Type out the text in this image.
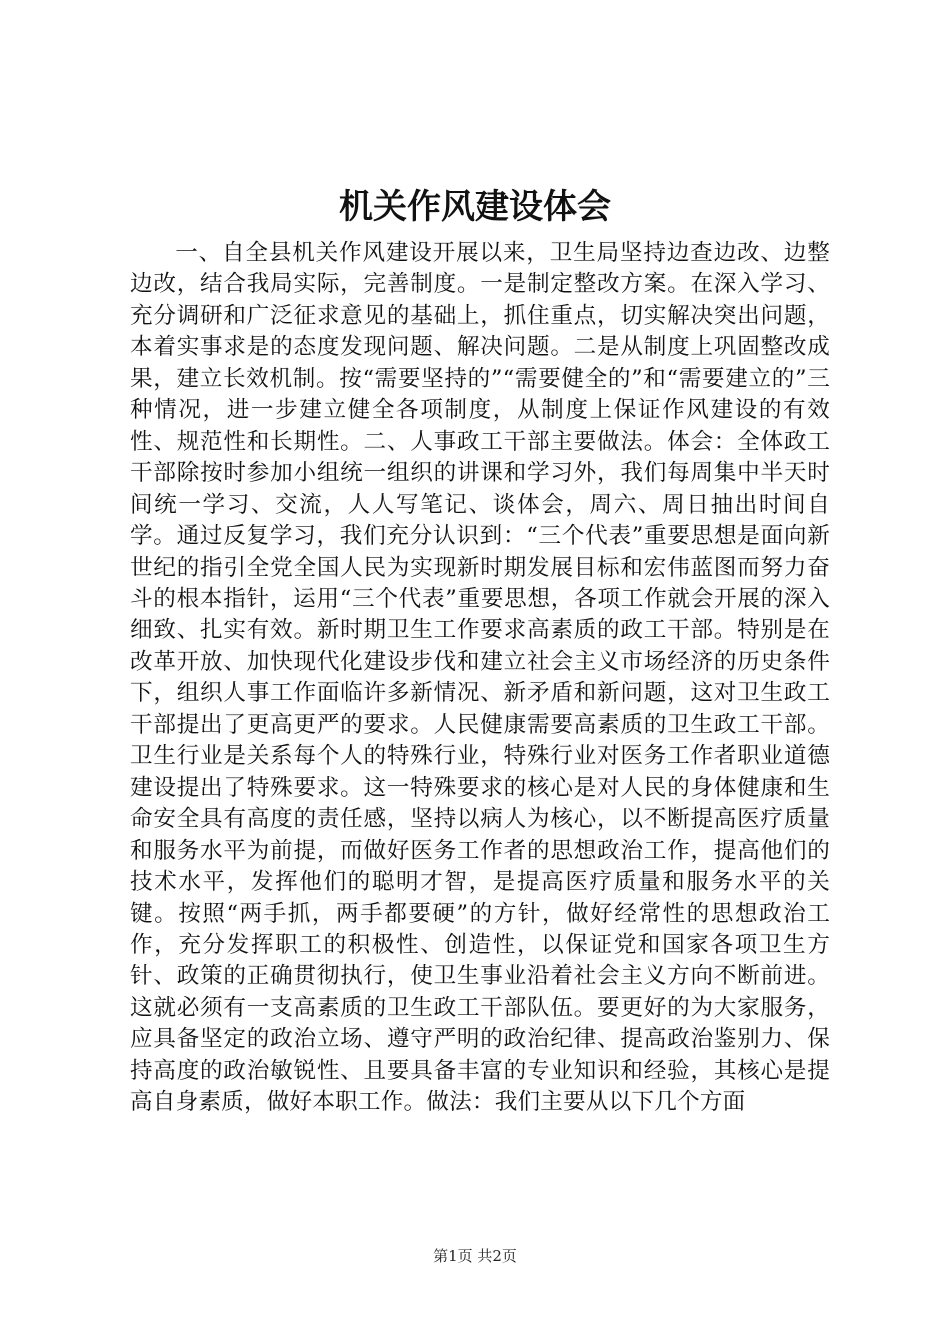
机关作风建设体会

一、自全县机关作风建设开展以来，卫生局坚持边查边改、边整边改，结合我局实际，完善制度。一是制定整改方案。在深入学习、充分调研和广泛征求意见的基础上，抓住重点，切实解决突出问题，本着实事求是的态度发现问题、解决问题。二是从制度上巩固整改成果，建立长效机制。按“需要坚持的”“需要健全的”和“需要建立的”三种情况，进一步建立健全各项制度，从制度上保证作风建设的有效性、规范性和长期性。二、人事政工干部主要做法。体会：全体政工干部除按时参加小组统一组织的讲课和学习外，我们每周集中半天时间统一学习、交流，人人写笔记、谈体会，周六、周日抽出时间自学。通过反复学习，我们充分认识到：“三个代表”重要思想是面向新世纪的指引全党全国人民为实现新时期发展目标和宏伟蓝图而努力奋斗的根本指针，运用“三个代表”重要思想，各项工作就会开展的深入细致、扎实有效。新时期卫生工作要求高素质的政工干部。特别是在改革开放、加快现代化建设步伐和建立社会主义市场经济的历史条件下，组织人事工作面临许多新情况、新矛盾和新问题，这对卫生政工干部提出了更高更严的要求。人民健康需要高素质的卫生政工干部。卫生行业是关系每个人的特殊行业，特殊行业对医务工作者职业道德建设提出了特殊要求。这一特殊要求的核心是对人民的身体健康和生命安全具有高度的责任感，坚持以病人为核心，以不断提高医疗质量和服务水平为前提，而做好医务工作者的思想政治工作，提高他们的技术水平，发挥他们的聪明才智，是提高医疗质量和服务水平的关键。按照“两手抓，两手都要硬”的方针，做好经常性的思想政治工作，充分发挥职工的积极性、创造性，以保证党和国家各项卫生方针、政策的正确贯彻执行，使卫生事业沿着社会主义方向不断前进。这就必须有一支高素质的卫生政工干部队伍。要更好的为大家服务，应具备坚定的政治立场、遵守严明的政治纪律、提高政治鉴别力、保持高度的政治敏锐性、且要具备丰富的专业知识和经验，其核心是提高自身素质，做好本职工作。做法：我们主要从以下几个方面

第1页 共2页
